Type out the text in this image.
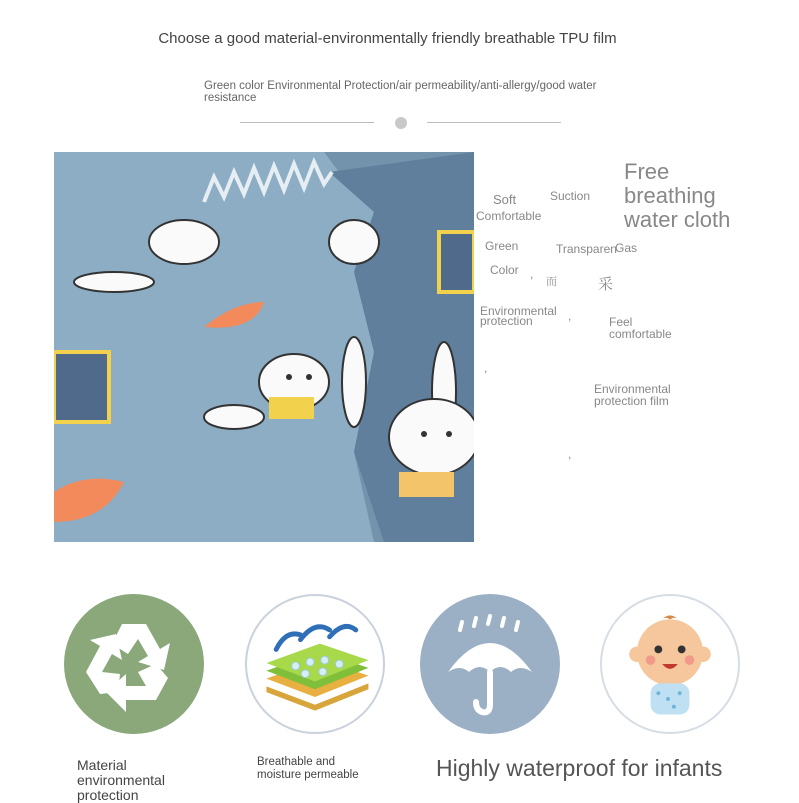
Choose a good material-environmentally friendly breathable TPU film
Green color Environmental Protection/air permeability/anti-allergy/good water resistance
Soft
Comfortable
Suction
Free
breathing
water cloth
Green	Transparen
Gas
Color ,
而	采
Environmental
protection	,	Feel
comfortable
,
Environmental
protection film
,
Material
environmental
protection
Breathable and
moisture permeable	Highly waterproof for infants
